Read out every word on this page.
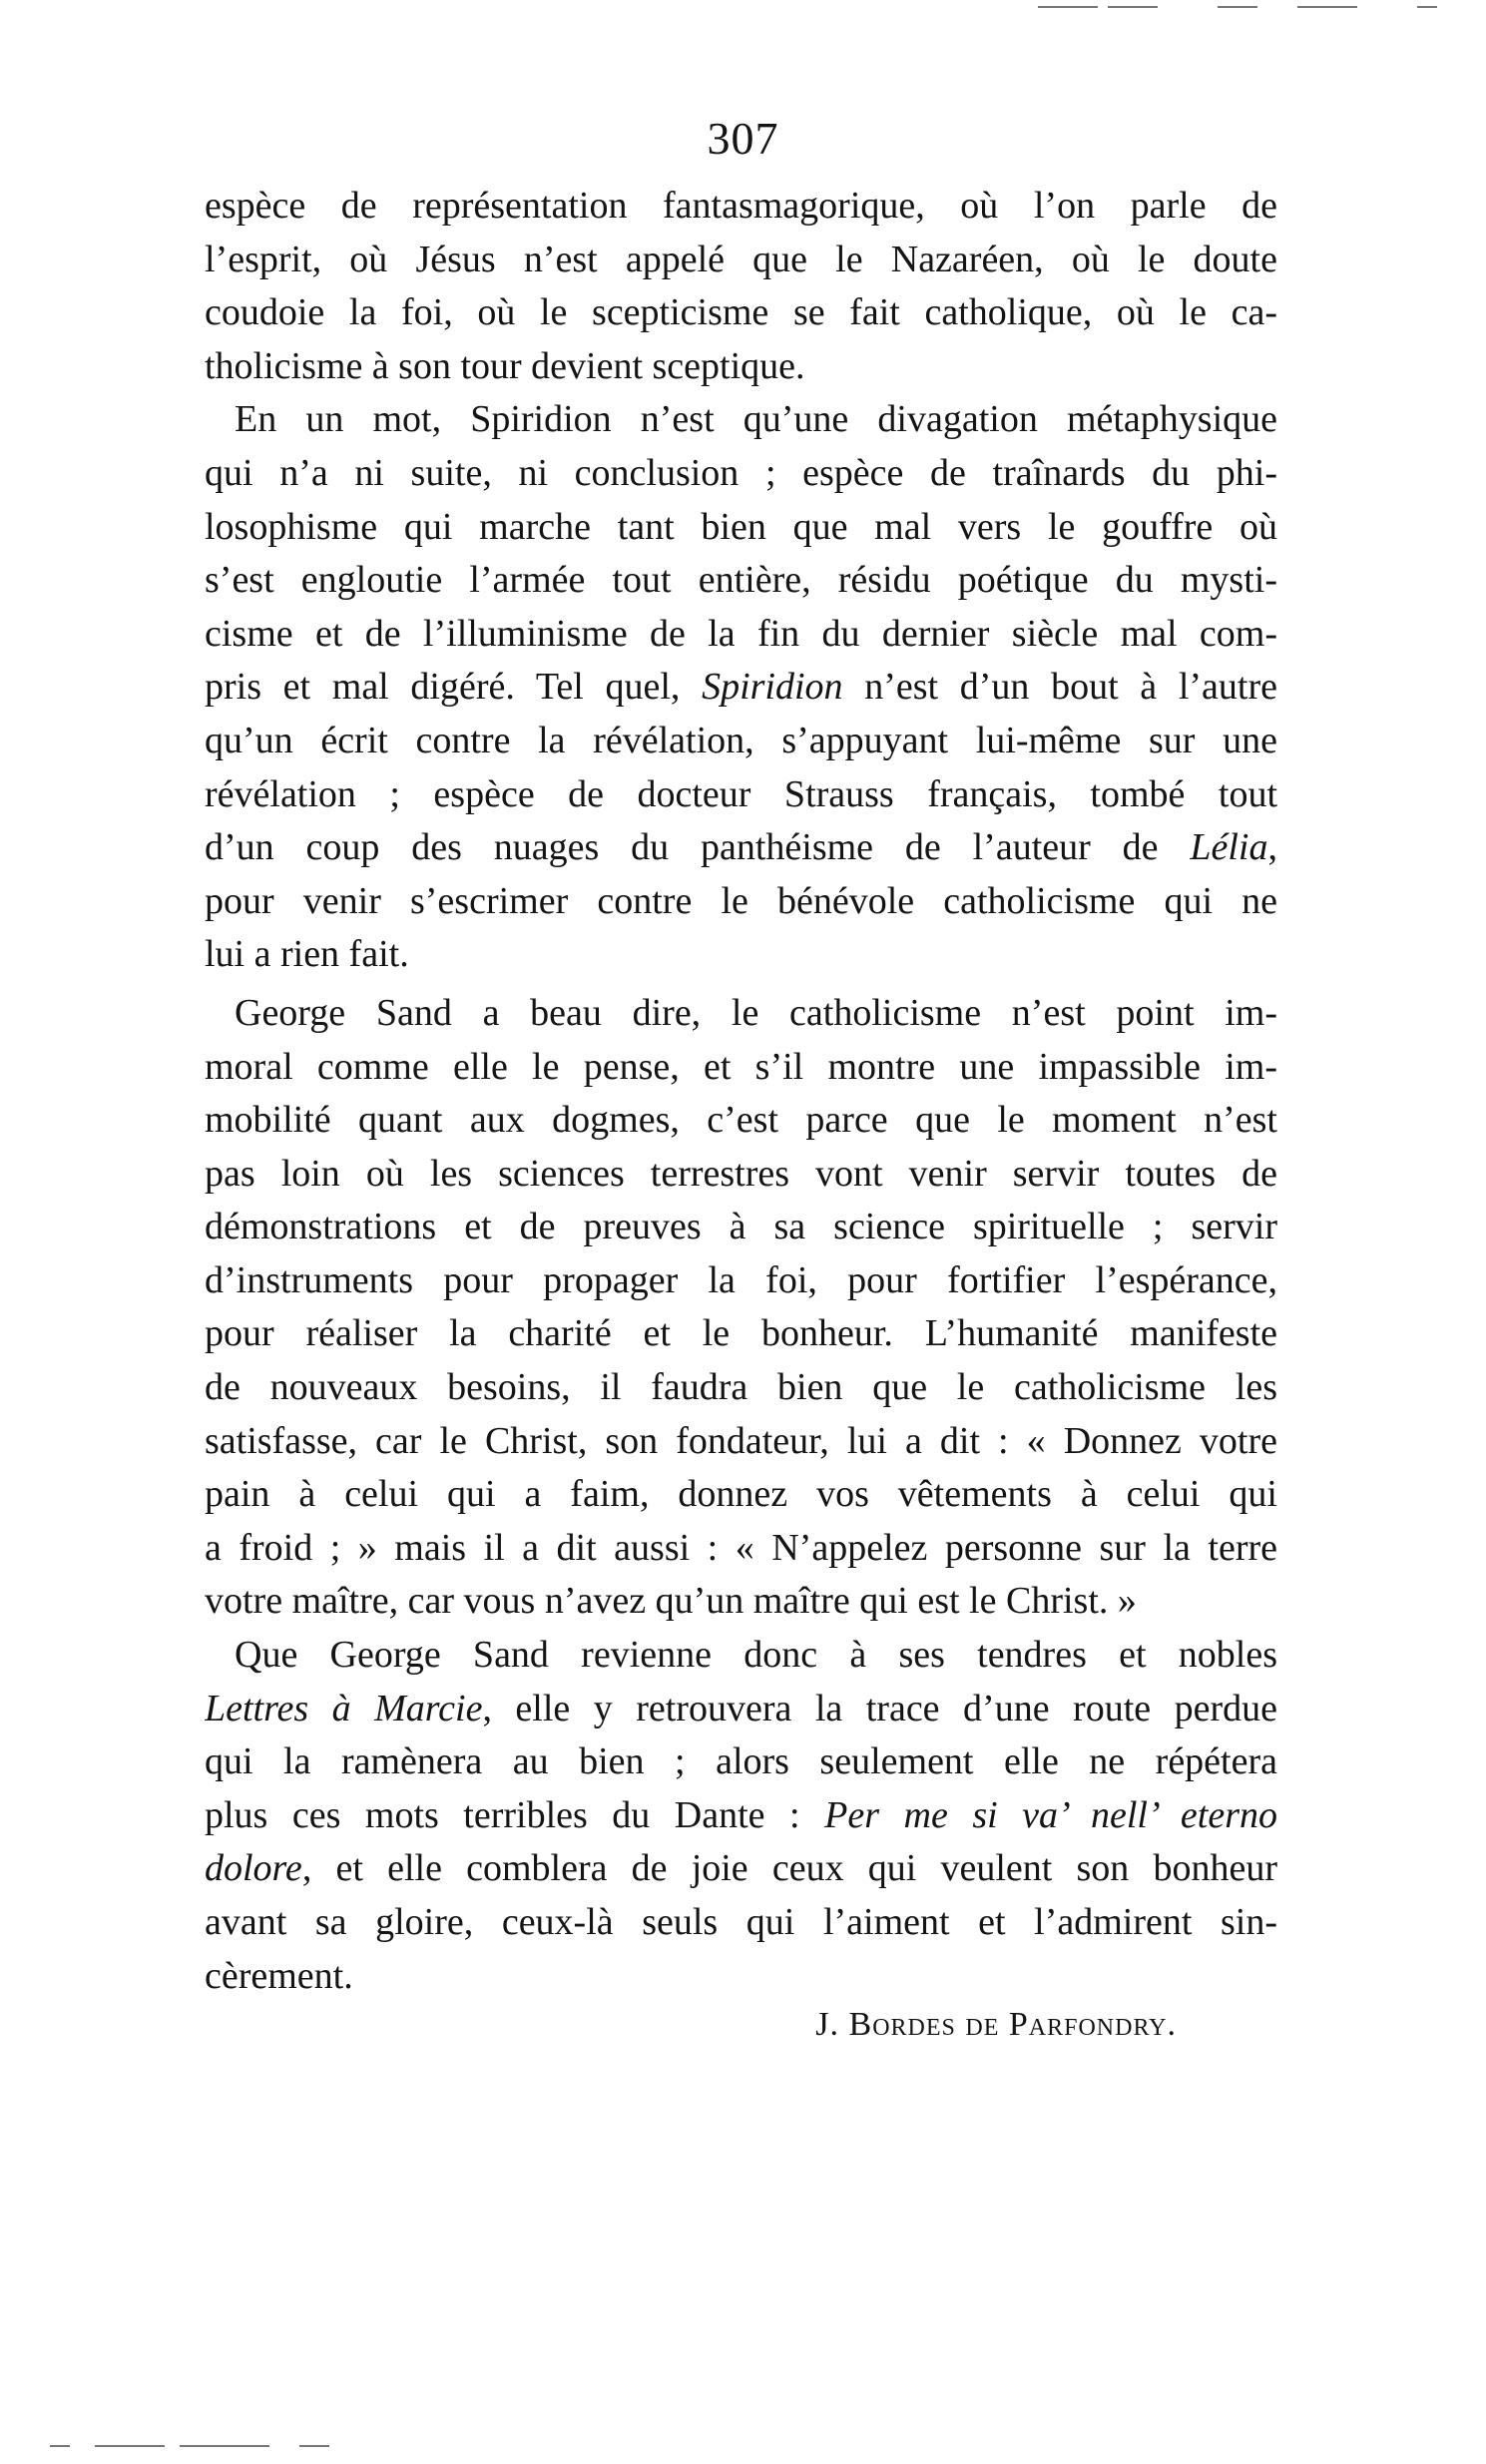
307
espèce de représentation fantasmagorique, où l’on parle de
l’esprit, où Jésus n’est appelé que le Nazaréen, où le doute
coudoie la foi, où le scepticisme se fait catholique, où le ca-
tholicisme à son tour devient sceptique.
En un mot, Spiridion n’est qu’une divagation métaphysique
qui n’a ni suite, ni conclusion ; espèce de traînards du phi-
losophisme qui marche tant bien que mal vers le gouffre où
s’est engloutie l’armée tout entière, résidu poétique du mysti-
cisme et de l’illuminisme de la fin du dernier siècle mal com-
pris et mal digéré. Tel quel, Spiridion n’est d’un bout à l’autre
qu’un écrit contre la révélation, s’appuyant lui-même sur une
révélation ; espèce de docteur Strauss français, tombé tout
d’un coup des nuages du panthéisme de l’auteur de Lélia,
pour venir s’escrimer contre le bénévole catholicisme qui ne
lui a rien fait.
George Sand a beau dire, le catholicisme n’est point im-
moral comme elle le pense, et s’il montre une impassible im-
mobilité quant aux dogmes, c’est parce que le moment n’est
pas loin où les sciences terrestres vont venir servir toutes de
démonstrations et de preuves à sa science spirituelle ; servir
d’instruments pour propager la foi, pour fortifier l’espérance,
pour réaliser la charité et le bonheur. L’humanité manifeste
de nouveaux besoins, il faudra bien que le catholicisme les
satisfasse, car le Christ, son fondateur, lui a dit : « Donnez votre
pain à celui qui a faim, donnez vos vêtements à celui qui
a froid ; » mais il a dit aussi : « N’appelez personne sur la terre
votre maître, car vous n’avez qu’un maître qui est le Christ. »
Que George Sand revienne donc à ses tendres et nobles
Lettres à Marcie, elle y retrouvera la trace d’une route perdue
qui la ramènera au bien ; alors seulement elle ne répétera
plus ces mots terribles du Dante : Per me si va’ nell’ eterno
dolore, et elle comblera de joie ceux qui veulent son bonheur
avant sa gloire, ceux-là seuls qui l’aiment et l’admirent sin-
cèrement.
J. Bordes de Parfondry.
